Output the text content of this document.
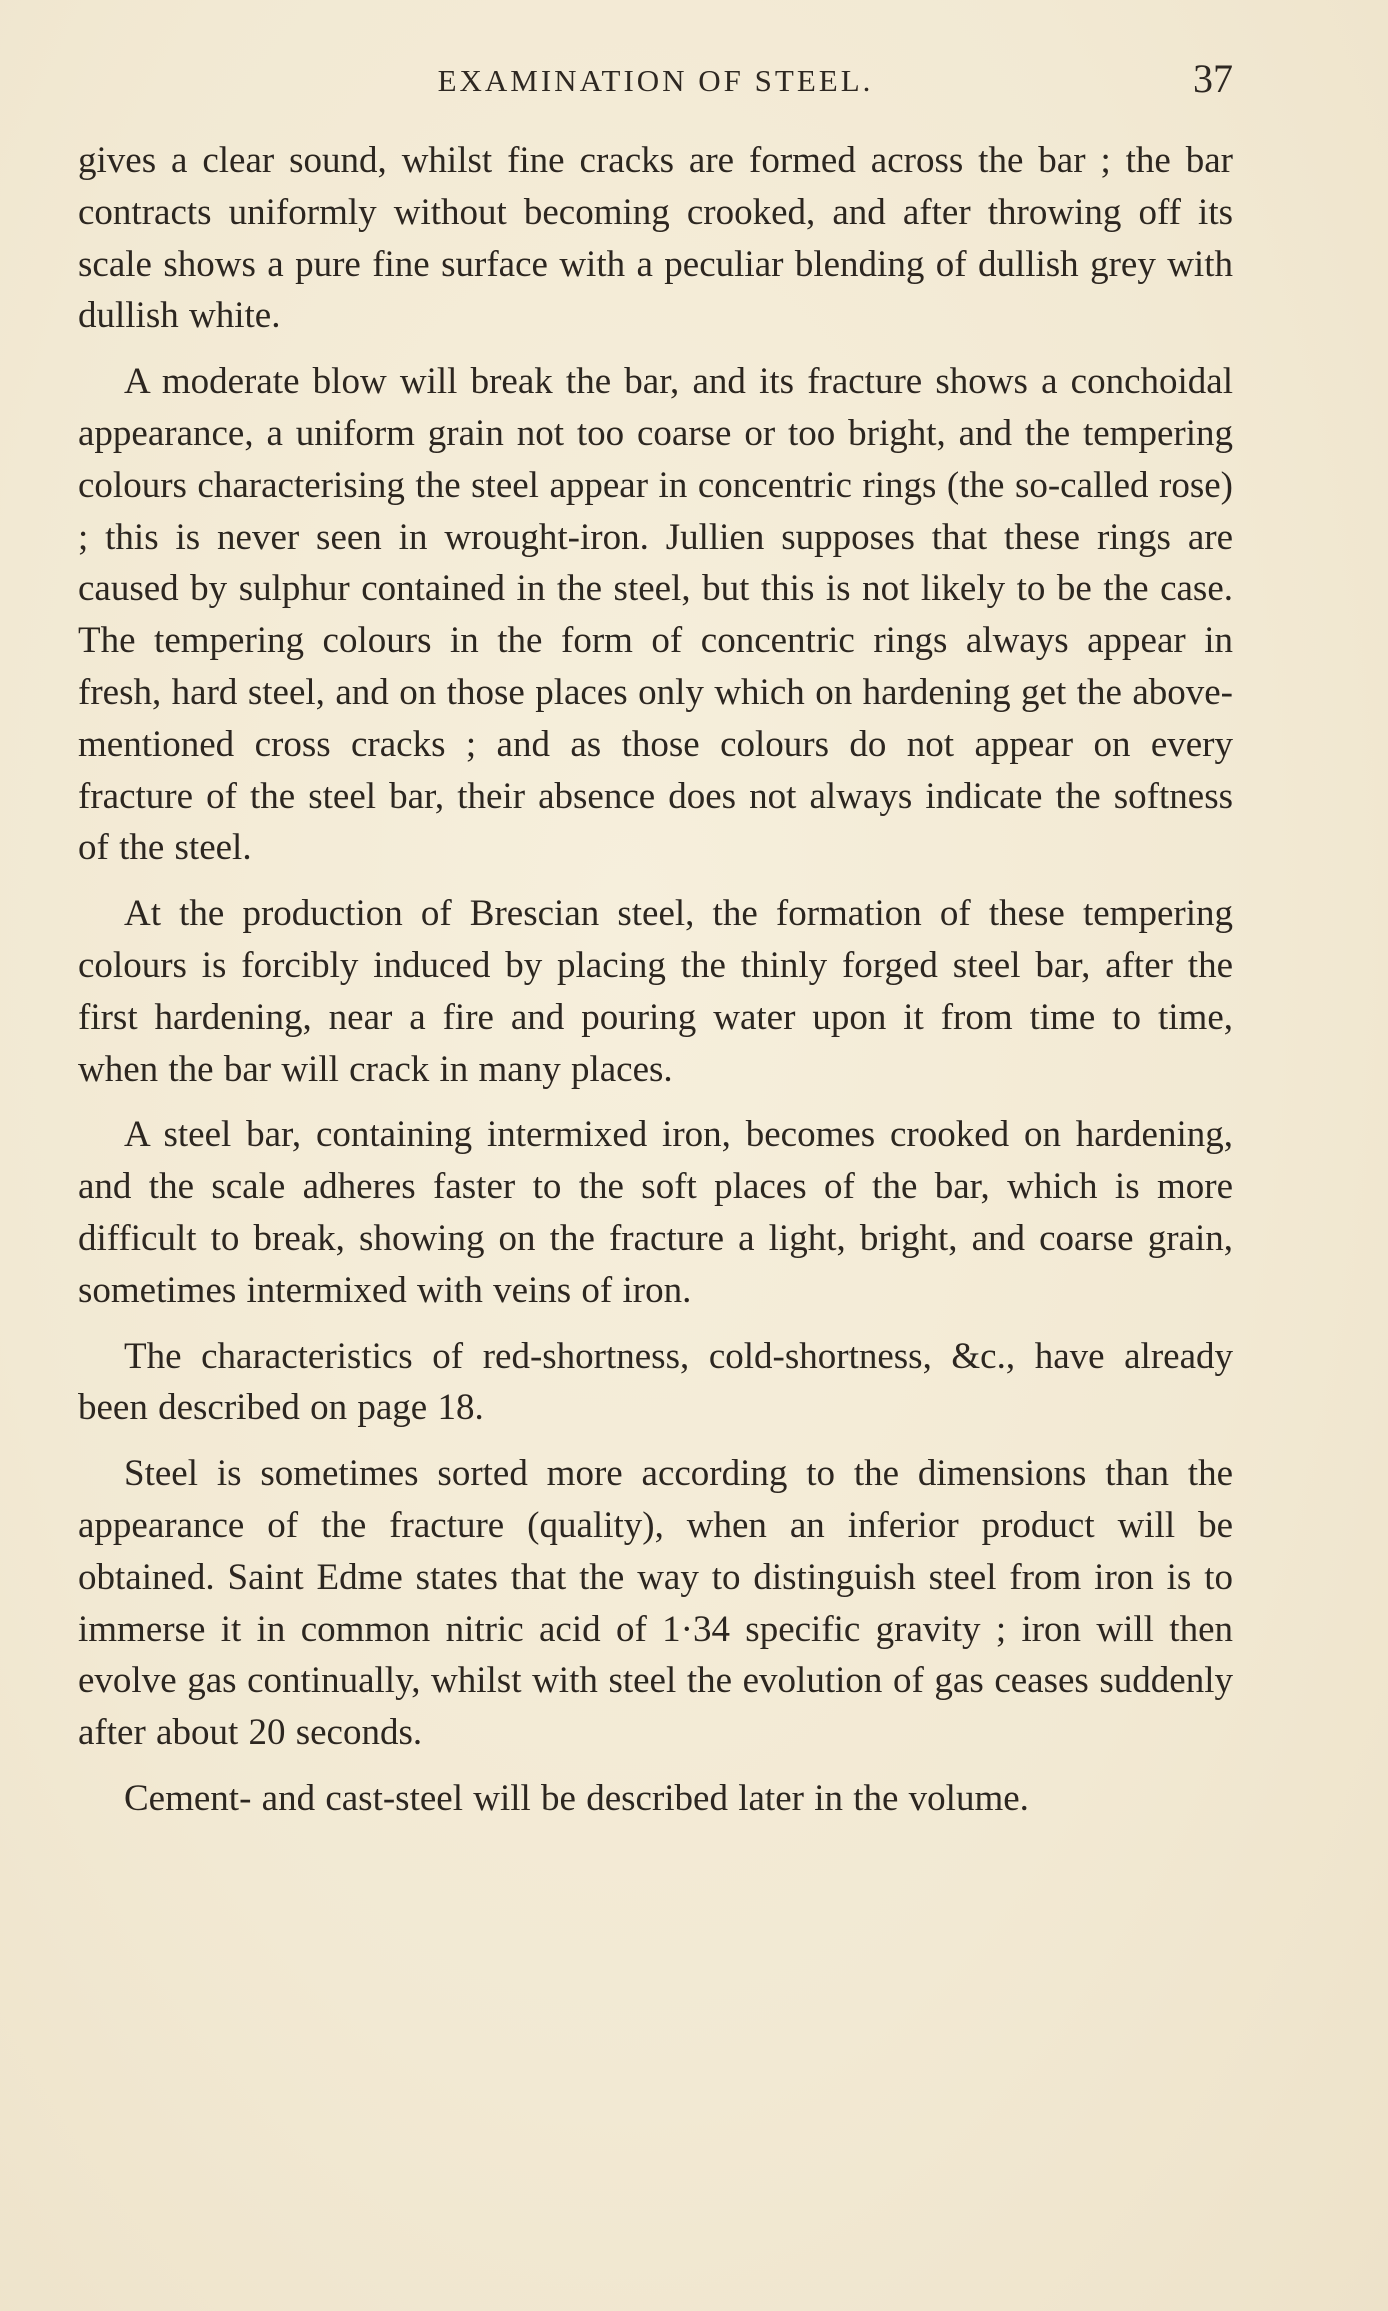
EXAMINATION OF STEEL.	37

gives a clear sound, whilst fine cracks are formed across the bar ; the bar contracts uniformly without becoming crooked, and after throwing off its scale shows a pure fine surface with a peculiar blending of dullish grey with dullish white.

A moderate blow will break the bar, and its fracture shows a conchoidal appearance, a uniform grain not too coarse or too bright, and the tempering colours characterising the steel appear in concentric rings (the so-called rose) ; this is never seen in wrought-iron. Jullien supposes that these rings are caused by sulphur contained in the steel, but this is not likely to be the case. The tempering colours in the form of concentric rings always appear in fresh, hard steel, and on those places only which on hardening get the above-mentioned cross cracks ; and as those colours do not appear on every fracture of the steel bar, their absence does not always indicate the softness of the steel.

At the production of Brescian steel, the formation of these tempering colours is forcibly induced by placing the thinly forged steel bar, after the first hardening, near a fire and pouring water upon it from time to time, when the bar will crack in many places.

A steel bar, containing intermixed iron, becomes crooked on hardening, and the scale adheres faster to the soft places of the bar, which is more difficult to break, showing on the fracture a light, bright, and coarse grain, sometimes intermixed with veins of iron.

The characteristics of red-shortness, cold-shortness, &c., have already been described on page 18.

Steel is sometimes sorted more according to the dimensions than the appearance of the fracture (quality), when an inferior product will be obtained. Saint Edme states that the way to distinguish steel from iron is to immerse it in common nitric acid of 1·34 specific gravity ; iron will then evolve gas continually, whilst with steel the evolution of gas ceases suddenly after about 20 seconds.

Cement- and cast-steel will be described later in the volume.
